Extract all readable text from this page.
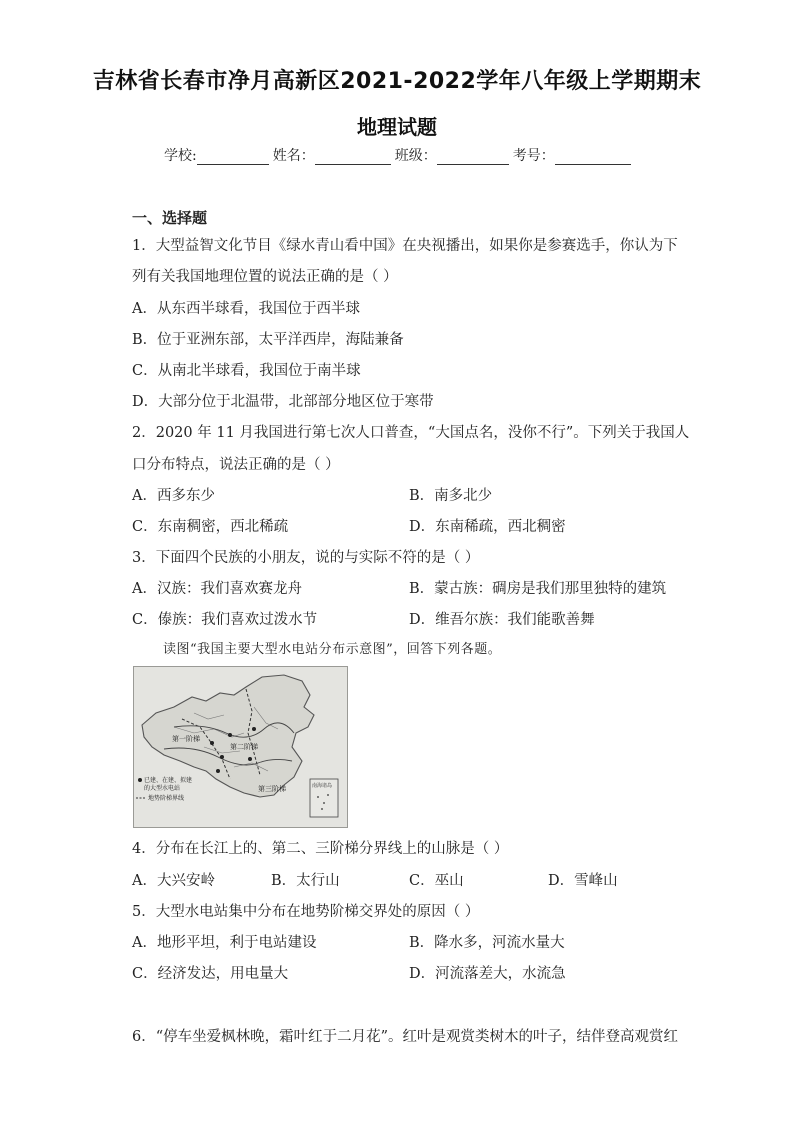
吉林省长春市净月高新区2021-2022学年八年级上学期期末
地理试题
学校:	姓名：	班级：	考号：
一、选择题
1．大型益智文化节目《绿水青山看中国》在央视播出，如果你是参赛选手，你认为下
列有关我国地理位置的说法正确的是（ ）
A．从东西半球看，我国位于西半球
B．位于亚洲东部，太平洋西岸，海陆兼备
C．从南北半球看，我国位于南半球
D．大部分位于北温带，北部部分地区位于寒带
2．2020 年 11 月我国进行第七次人口普查，“大国点名，没你不行”。下列关于我国人
口分布特点，说法正确的是（ ）
A．西多东少	B．南多北少
C．东南稠密，西北稀疏	D．东南稀疏，西北稠密
3．下面四个民族的小朋友，说的与实际不符的是（ ）
A．汉族：我们喜欢赛龙舟	B．蒙古族：碉房是我们那里独特的建筑
C．傣族：我们喜欢过泼水节	D．维吾尔族：我们能歌善舞
读图“我国主要大型水电站分布示意图”，回答下列各题。
南海诸岛
第一阶梯
第二阶梯
第三阶梯
已建、在建、拟建
的大型水电站
地势阶梯界线
4．分布在长江上的、第二、三阶梯分界线上的山脉是（ ）
A．大兴安岭	B．太行山	C．巫山	D．雪峰山
5．大型水电站集中分布在地势阶梯交界处的原因（ ）
A．地形平坦，利于电站建设	B．降水多，河流水量大
C．经济发达，用电量大	D．河流落差大，水流急
6．“停车坐爱枫林晚，霜叶红于二月花”。红叶是观赏类树木的叶子，结伴登高观赏红
